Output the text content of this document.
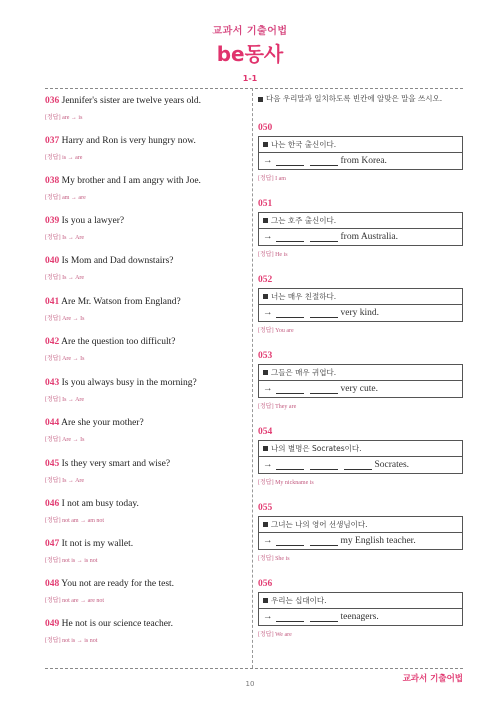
교과서 기출어법
be동사
1-1
036 Jennifer's sister are twelve years old.
[정답] are → is
037 Harry and Ron is very hungry now.
[정답] is → are
038 My brother and I am angry with Joe.
[정답] am → are
039 Is you a lawyer?
[정답] Is → Are
040 Is Mom and Dad downstairs?
[정답] Is → Are
041 Are Mr. Watson from England?
[정답] Are → Is
042 Are the question too difficult?
[정답] Are → Is
043 Is you always busy in the morning?
[정답] Is → Are
044 Are she your mother?
[정답] Are → Is
045 Is they very smart and wise?
[정답] Is → Are
046 I not am busy today.
[정답] not am → am not
047 It not is my wallet.
[정답] not is → is not
048 You not are ready for the test.
[정답] not are → are not
049 He not is our science teacher.
[정답] not is → is not
다음 우리말과 일치하도록 빈칸에 알맞은 말을 쓰시오.
050
나는 한국 출신이다.
→	from Korea.
[정답] I am
051
그는 호주 출신이다.
→	from Australia.
[정답] He is
052
너는 매우 친절하다.
→	very kind.
[정답] You are
053
그들은 매우 귀엽다.
→	very cute.
[정답] They are
054
나의 별명은 Socrates이다.
→	Socrates.
[정답] My nickname is
055
그녀는 나의 영어 선생님이다.
→	my English teacher.
[정답] She is
056
우리는 십대이다.
→	teenagers.
[정답] We are
10	교과서 기출어법
